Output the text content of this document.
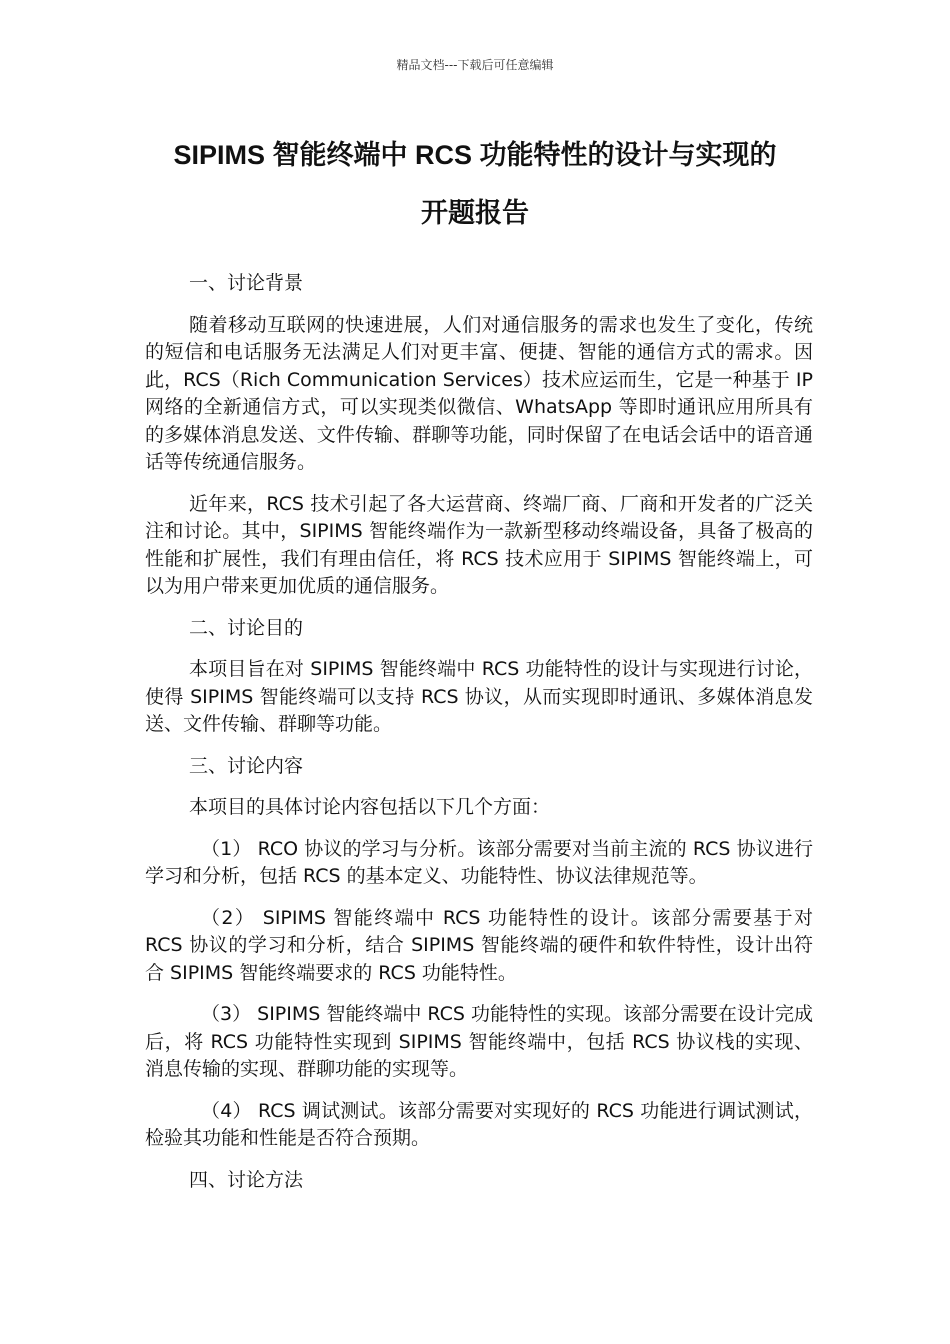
精品文档---下载后可任意编辑
SIPIMS 智能终端中 RCS 功能特性的设计与实现的
开题报告

一、讨论背景

随着移动互联网的快速进展，人们对通信服务的需求也发生了变化，传统的短信和电话服务无法满足人们对更丰富、便捷、智能的通信方式的需求。因此，RCS（Rich Communication Services）技术应运而生，它是一种基于 IP 网络的全新通信方式，可以实现类似微信、WhatsApp 等即时通讯应用所具有的多媒体消息发送、文件传输、群聊等功能，同时保留了在电话会话中的语音通话等传统通信服务。

近年来，RCS 技术引起了各大运营商、终端厂商、厂商和开发者的广泛关注和讨论。其中，SIPIMS 智能终端作为一款新型移动终端设备，具备了极高的性能和扩展性，我们有理由信任，将 RCS 技术应用于 SIPIMS 智能终端上，可以为用户带来更加优质的通信服务。

二、讨论目的

本项目旨在对 SIPIMS 智能终端中 RCS 功能特性的设计与实现进行讨论，使得 SIPIMS 智能终端可以支持 RCS 协议，从而实现即时通讯、多媒体消息发送、文件传输、群聊等功能。

三、讨论内容

本项目的具体讨论内容包括以下几个方面：

（1） RCO 协议的学习与分析。该部分需要对当前主流的 RCS 协议进行学习和分析，包括 RCS 的基本定义、功能特性、协议法律规范等。

（2） SIPIMS 智能终端中 RCS 功能特性的设计。该部分需要基于对 RCS 协议的学习和分析，结合 SIPIMS 智能终端的硬件和软件特性，设计出符合 SIPIMS 智能终端要求的 RCS 功能特性。

（3） SIPIMS 智能终端中 RCS 功能特性的实现。该部分需要在设计完成后，将 RCS 功能特性实现到 SIPIMS 智能终端中，包括 RCS 协议栈的实现、消息传输的实现、群聊功能的实现等。

（4） RCS 调试测试。该部分需要对实现好的 RCS 功能进行调试测试，检验其功能和性能是否符合预期。

四、讨论方法
